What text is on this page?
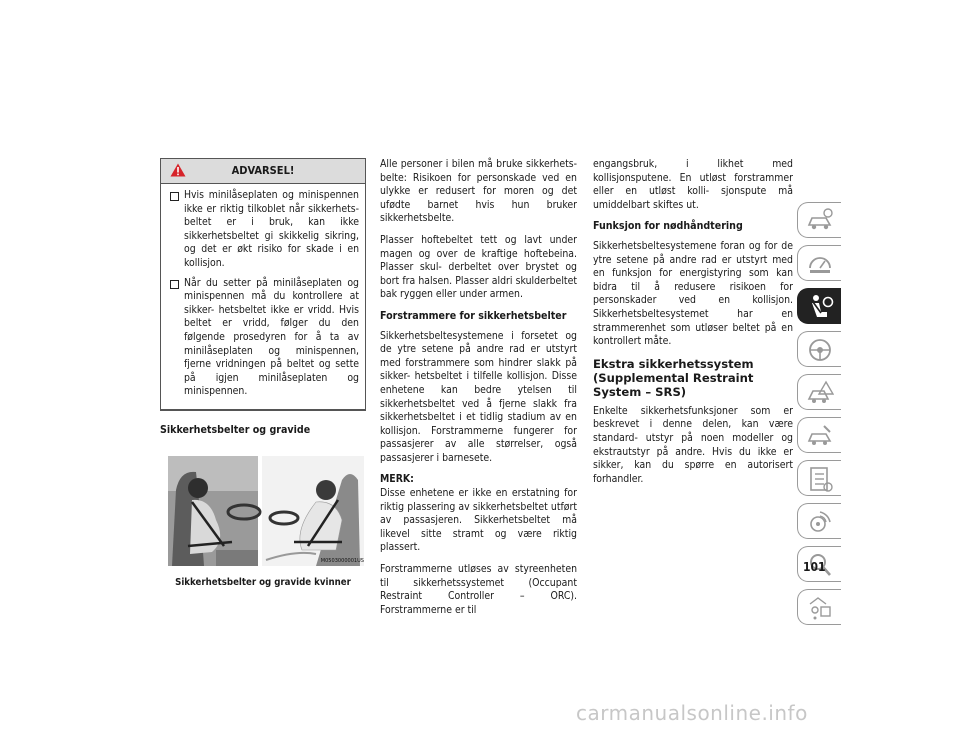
ADVARSEL!
Hvis minilåseplaten og minispennen ikke er riktig tilkoblet når sikkerhets- beltet er i bruk, kan ikke sikkerhetsbeltet gi skikkelig sikring, og det er økt risiko for skade i en kollisjon.
Når du setter på minilåseplaten og minispennen må du kontrollere at sikker- hetsbeltet ikke er vridd. Hvis beltet er vridd, følger du den følgende prosedyren for å ta av minilåseplaten og minispennen, fjerne vridningen på beltet og sette på igjen minilåseplaten og minispennen.
Sikkerhetsbelter og gravide
M0503000001US
Sikkerhetsbelter og gravide kvinner

Alle personer i bilen må bruke sikkerhets- belte: Risikoen for personskade ved en ulykke er redusert for moren og det ufødte barnet hvis hun bruker sikkerhetsbelte.

Plasser hoftebeltet tett og lavt under magen og over de kraftige hoftebeina. Plasser skul- derbeltet over brystet og bort fra halsen. Plasser aldri skulderbeltet bak ryggen eller under armen.

Forstrammere for sikkerhetsbelter

Sikkerhetsbeltesystemene i forsetet og de ytre setene på andre rad er utstyrt med forstrammere som hindrer slakk på sikker- hetsbeltet i tilfelle kollisjon. Disse enhetene kan bedre ytelsen til sikkerhetsbeltet ved å fjerne slakk fra sikkerhetsbeltet i et tidlig stadium av en kollisjon. Forstrammerne fungerer for passasjerer av alle størrelser, også passasjerer i barnesete.

MERK:
Disse enhetene er ikke en erstatning for riktig plassering av sikkerhetsbeltet utført av passasjeren. Sikkerhetsbeltet må likevel sitte stramt og være riktig plassert.

Forstrammerne utløses av styreenheten til sikkerhetssystemet (Occupant Restraint Controller – ORC). Forstrammerne er til

engangsbruk, i likhet med kollisjonsputene. En utløst forstrammer eller en utløst kolli- sjonspute må umiddelbart skiftes ut.

Funksjon for nødhåndtering

Sikkerhetsbeltesystemene foran og for de ytre setene på andre rad er utstyrt med en funksjon for energistyring som kan bidra til å redusere risikoen for personskader ved en kollisjon. Sikkerhetsbeltesystemet har en strammerenhet som utløser beltet på en kontrollert måte.

Ekstra sikkerhetssystem (Supplemental Restraint System – SRS)

Enkelte sikkerhetsfunksjoner som er beskrevet i denne delen, kan være standard- utstyr på noen modeller og ekstrautstyr på andre. Hvis du ikke er sikker, kan du spørre en autorisert forhandler.

101
carmanualsonline.info
